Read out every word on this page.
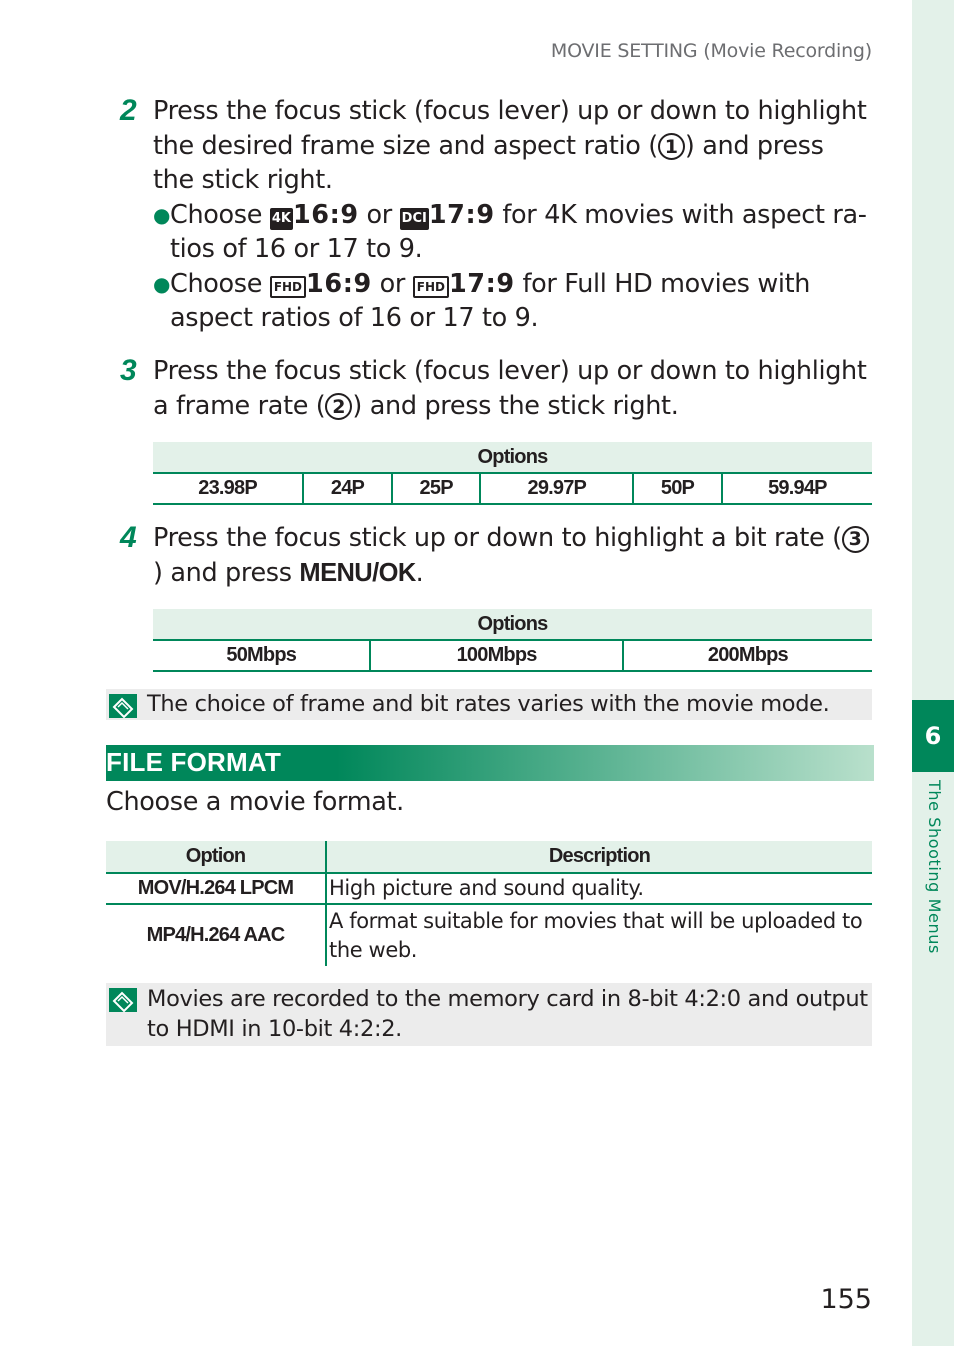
MOVIE SETTING (Movie Recording)
6
The Shooting Menus
2 Press the focus stick (focus lever) up or down to highlight the desired frame size and aspect ratio ( 1 ) and press the stick right.
● Choose 4K16:9 or DCI17:9 for 4K movies with aspect ratios of 16 or 17 to 9.
● Choose FHD 16:9 or FHD 17:9 for Full HD movies with aspect ratios of 16 or 17 to 9.
3 Press the focus stick (focus lever) up or down to highlight a frame rate ( 2 ) and press the stick right.
Options
23.98P	24P	25P	29.97P	50P	59.94P
4 Press the focus stick up or down to highlight a bit rate ( 3) and press MENU/OK.
Options
50Mbps	100Mbps	200Mbps
The choice of frame and bit rates varies with the movie mode.
FILE FORMAT
Choose a movie format.
Option	Description
MOV/H.264 LPCM	High picture and sound quality.
MP4/H.264 AAC	A format suitable for movies that will be uploaded to the web.
Movies are recorded to the memory card in 8-bit 4:2:0 and output to HDMI in 10-bit 4:2:2.
155
